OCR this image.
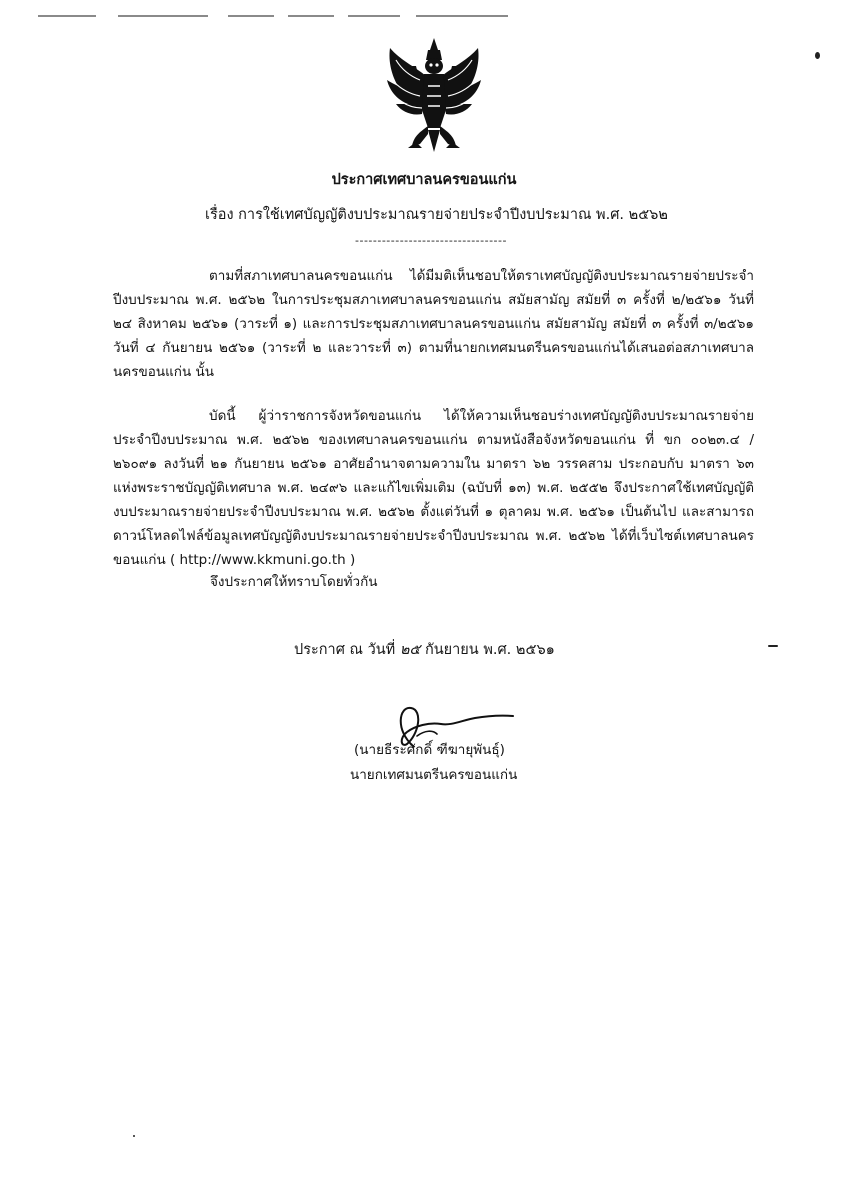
ประกาศเทศบาลนครขอนแก่น
เรื่อง การใช้เทศบัญญัติงบประมาณรายจ่ายประจำปีงบประมาณ พ.ศ. ๒๕๖๒
----------------------------------

ตามที่สภาเทศบาลนครขอนแก่น ได้มีมติเห็นชอบให้ตราเทศบัญญัติงบประมาณรายจ่ายประจำปีงบประมาณ พ.ศ. ๒๕๖๒ ในการประชุมสภาเทศบาลนครขอนแก่น สมัยสามัญ สมัยที่ ๓ ครั้งที่ ๒/๒๕๖๑ วันที่ ๒๔ สิงหาคม ๒๕๖๑ (วาระที่ ๑) และการประชุมสภาเทศบาลนครขอนแก่น สมัยสามัญ สมัยที่ ๓ ครั้งที่ ๓/๒๕๖๑ วันที่ ๔ กันยายน ๒๕๖๑ (วาระที่ ๒ และวาระที่ ๓) ตามที่นายกเทศมนตรีนครขอนแก่นได้เสนอต่อสภาเทศบาลนครขอนแก่น นั้น

บัดนี้ ผู้ว่าราชการจังหวัดขอนแก่น ได้ให้ความเห็นชอบร่างเทศบัญญัติงบประมาณรายจ่ายประจำปีงบประมาณ พ.ศ. ๒๕๖๒ ของเทศบาลนครขอนแก่น ตามหนังสือจังหวัดขอนแก่น ที่ ขก ๐๐๒๓.๔ / ๒๖๐๙๑ ลงวันที่ ๒๑ กันยายน ๒๕๖๑ อาศัยอำนาจตามความใน มาตรา ๖๒ วรรคสาม ประกอบกับ มาตรา ๖๓ แห่งพระราชบัญญัติเทศบาล พ.ศ. ๒๔๙๖ และแก้ไขเพิ่มเติม (ฉบับที่ ๑๓) พ.ศ. ๒๕๕๒ จึงประกาศใช้เทศบัญญัติงบประมาณรายจ่ายประจำปีงบประมาณ พ.ศ. ๒๕๖๒ ตั้งแต่วันที่ ๑ ตุลาคม พ.ศ. ๒๕๖๑ เป็นต้นไป และสามารถดาวน์โหลดไฟล์ข้อมูลเทศบัญญัติงบประมาณรายจ่ายประจำปีงบประมาณ พ.ศ. ๒๕๖๒ ได้ที่เว็บไซต์เทศบาลนครขอนแก่น ( http://www.kkmuni.go.th )

จึงประกาศให้ทราบโดยทั่วกัน
ประกาศ ณ วันที่ ๒๕ กันยายน พ.ศ. ๒๕๖๑
(นายธีระศักดิ์ ฑีฆายุพันธุ์)
นายกเทศมนตรีนครขอนแก่น
